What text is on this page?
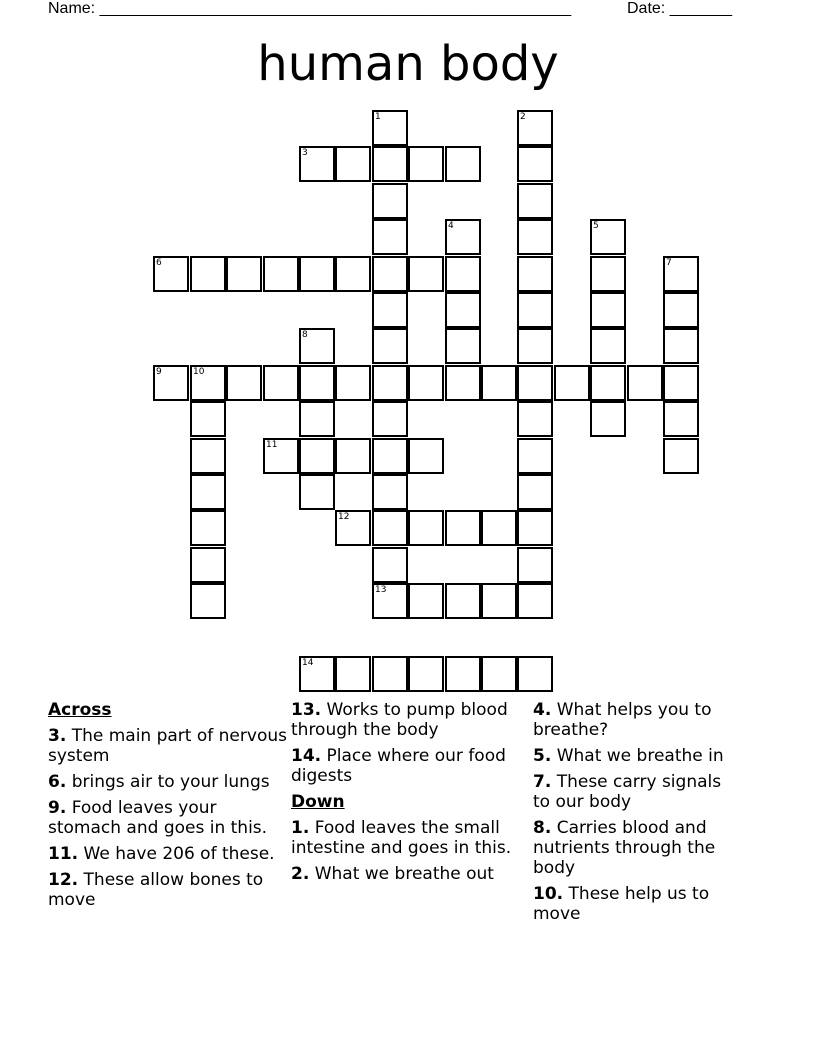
Name: _____________________________________________________	Date: _______
human body
3
6
9	10
11
12
13
14
1	2
4	5
7
8
Across
3. The main part of nervous system
6. brings air to your lungs
9. Food leaves your stomach and goes in this.
11. We have 206 of these.
12. These allow bones to move
13. Works to pump blood through the body
14. Place where our food digests
Down
1. Food leaves the small intestine and goes in this.
2. What we breathe out
4. What helps you to breathe?
5. What we breathe in
7. These carry signals to our body
8. Carries blood and nutrients through the body
10. These help us to move
